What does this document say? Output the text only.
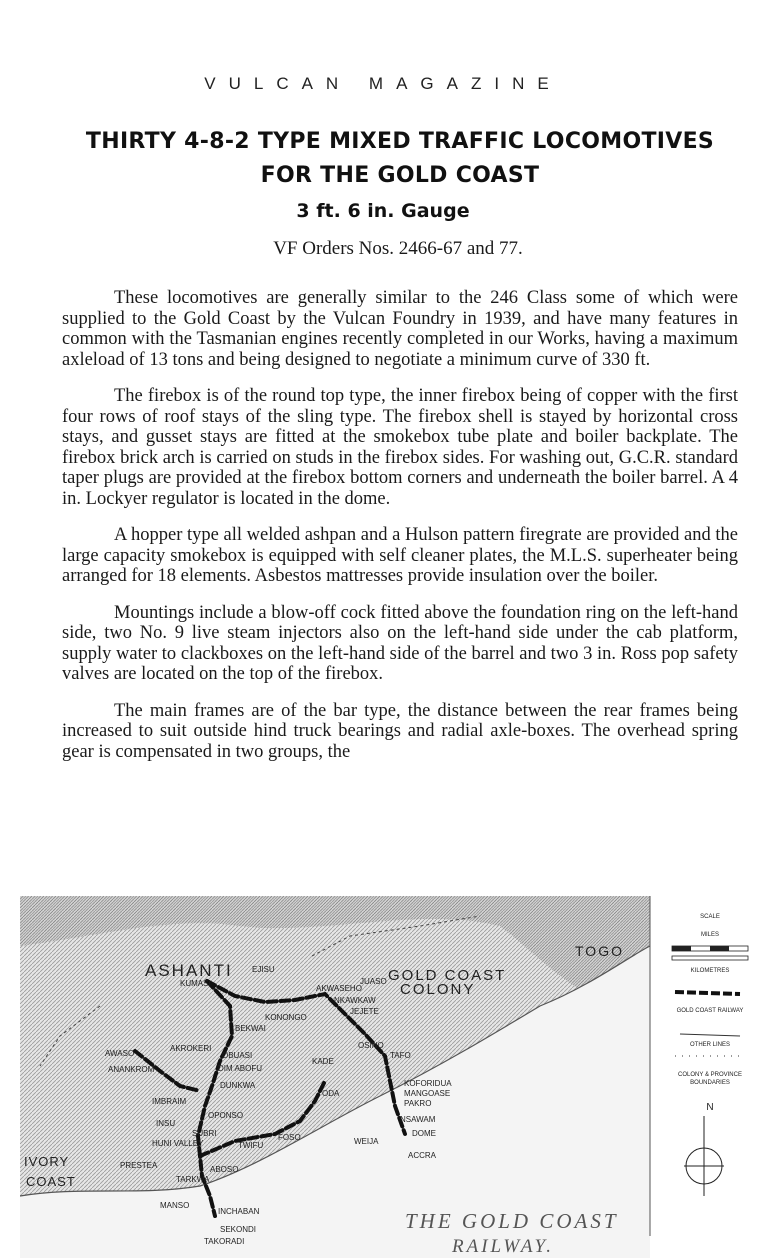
VULCAN MAGAZINE
THIRTY 4-8-2 TYPE MIXED TRAFFIC LOCOMOTIVES
FOR THE GOLD COAST
3 ft. 6 in. Gauge
VF Orders Nos. 2466-67 and 77.

These locomotives are generally similar to the 246 Class some of which were supplied to the Gold Coast by the Vulcan Foundry in 1939, and have many features in common with the Tasmanian engines recently completed in our Works, having a maximum axleload of 13 tons and being designed to negotiate a minimum curve of 330 ft.

The firebox is of the round top type, the inner firebox being of copper with the first four rows of roof stays of the sling type. The firebox shell is stayed by horizontal cross stays, and gusset stays are fitted at the smokebox tube plate and boiler backplate. The firebox brick arch is carried on studs in the firebox sides. For washing out, G.C.R. standard taper plugs are provided at the firebox bottom corners and underneath the boiler barrel. A 4 in. Lockyer regulator is located in the dome.

A hopper type all welded ashpan and a Hulson pattern firegrate are provided and the large capacity smokebox is equipped with self cleaner plates, the M.L.S. superheater being arranged for 18 elements. Asbestos mattresses provide insulation over the boiler.

Mountings include a blow-off cock fitted above the foundation ring on the left-hand side, two No. 9 live steam injectors also on the left-hand side under the cab platform, supply water to clackboxes on the left-hand side of the barrel and two 3 in. Ross pop safety valves are located on the top of the firebox.

The main frames are of the bar type, the distance between the rear frames being increased to suit outside hind truck bearings and radial axle-boxes. The overhead spring gear is compensated in two groups, the

ASHANTI	GOLD COAST
COLONY
TOGO
IVORY
COAST
KUMASI
EJISU
KONONGO
AKWASEHO
NKAWKAW
JUASO
JEJETE
BEKWAI
OSINO
TAFO
AKROKERI
OBUASI
DIM ABOFU
KADE
AWASO
ANANKROM
DUNKWA	KOFORIDUA
MANGOASE
PAKRO
ODA
IMBRAIM
OPONSO	NSAWAM
INSU
SUBRI	FOSO	DOME
HUNI VALLEY	TWIFU	WEIJA
ACCRA
PRESTEA	ABOSO
TARKWA
MANSO
INCHABAN
SEKONDI
TAKORADI
THE GOLD COAST
RAILWAY.
SCALE
MILES
KILOMETRES
GOLD COAST RAILWAY
OTHER LINES
COLONY & PROVINCE
BOUNDARIES
N
